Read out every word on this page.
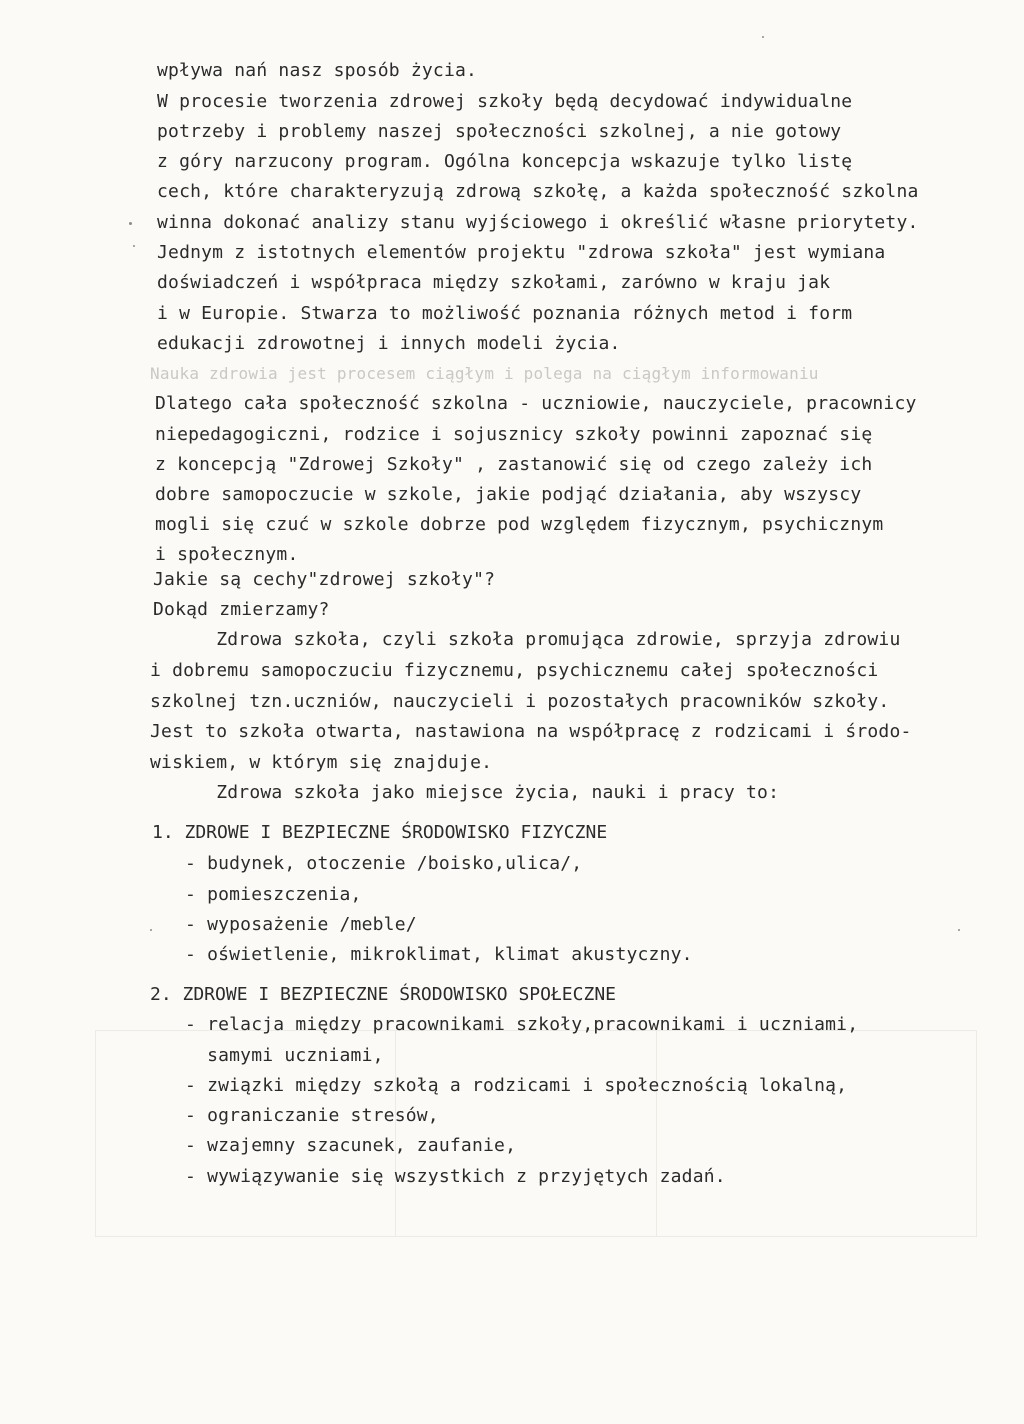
wpływa nań nasz sposób życia.

W procesie tworzenia zdrowej szkoły będą decydować indywidualne

potrzeby i problemy naszej społeczności szkolnej, a nie gotowy

z góry narzucony program. Ogólna koncepcja wskazuje tylko listę

cech, które charakteryzują zdrową szkołę, a każda społeczność szkolna

winna dokonać analizy stanu wyjściowego i określić własne priorytety.

Jednym z istotnych elementów projektu "zdrowa szkoła" jest wymiana

doświadczeń i współpraca między szkołami, zarówno w kraju jak

i w Europie. Stwarza to możliwość poznania różnych metod i form

edukacji zdrowotnej i innych modeli życia.

Nauka zdrowia jest procesem ciągłym i polega na ciągłym informowaniu

Dlatego cała społeczność szkolna - uczniowie, nauczyciele, pracownicy

niepedagogiczni, rodzice i sojusznicy szkoły powinni zapoznać się

z koncepcją "Zdrowej Szkoły" , zastanowić się od czego zależy ich

dobre samopoczucie w szkole, jakie podjąć działania, aby wszyscy

mogli się czuć w szkole dobrze pod względem fizycznym, psychicznym

i społecznym.

Jakie są cechy"zdrowej szkoły"?

Dokąd zmierzamy?

Zdrowa szkoła, czyli szkoła promująca zdrowie, sprzyja zdrowiu

i dobremu samopoczuciu fizycznemu, psychicznemu całej społeczności

szkolnej tzn.uczniów, nauczycieli i pozostałych pracowników szkoły.

Jest to szkoła otwarta, nastawiona na współpracę z rodzicami i środo-

wiskiem, w którym się znajduje.

Zdrowa szkoła jako miejsce życia, nauki i pracy to:

1. ZDROWE I BEZPIECZNE ŚRODOWISKO FIZYCZNE

- budynek, otoczenie /boisko,ulica/,

- pomieszczenia,

- wyposażenie /meble/

- oświetlenie, mikroklimat, klimat akustyczny.

2. ZDROWE I BEZPIECZNE ŚRODOWISKO SPOŁECZNE

- relacja między pracownikami szkoły,pracownikami i uczniami,

samymi uczniami,

- związki między szkołą a rodzicami i społecznością lokalną,

- ograniczanie stresów,

- wzajemny szacunek, zaufanie,

- wywiązywanie się wszystkich z przyjętych zadań.
